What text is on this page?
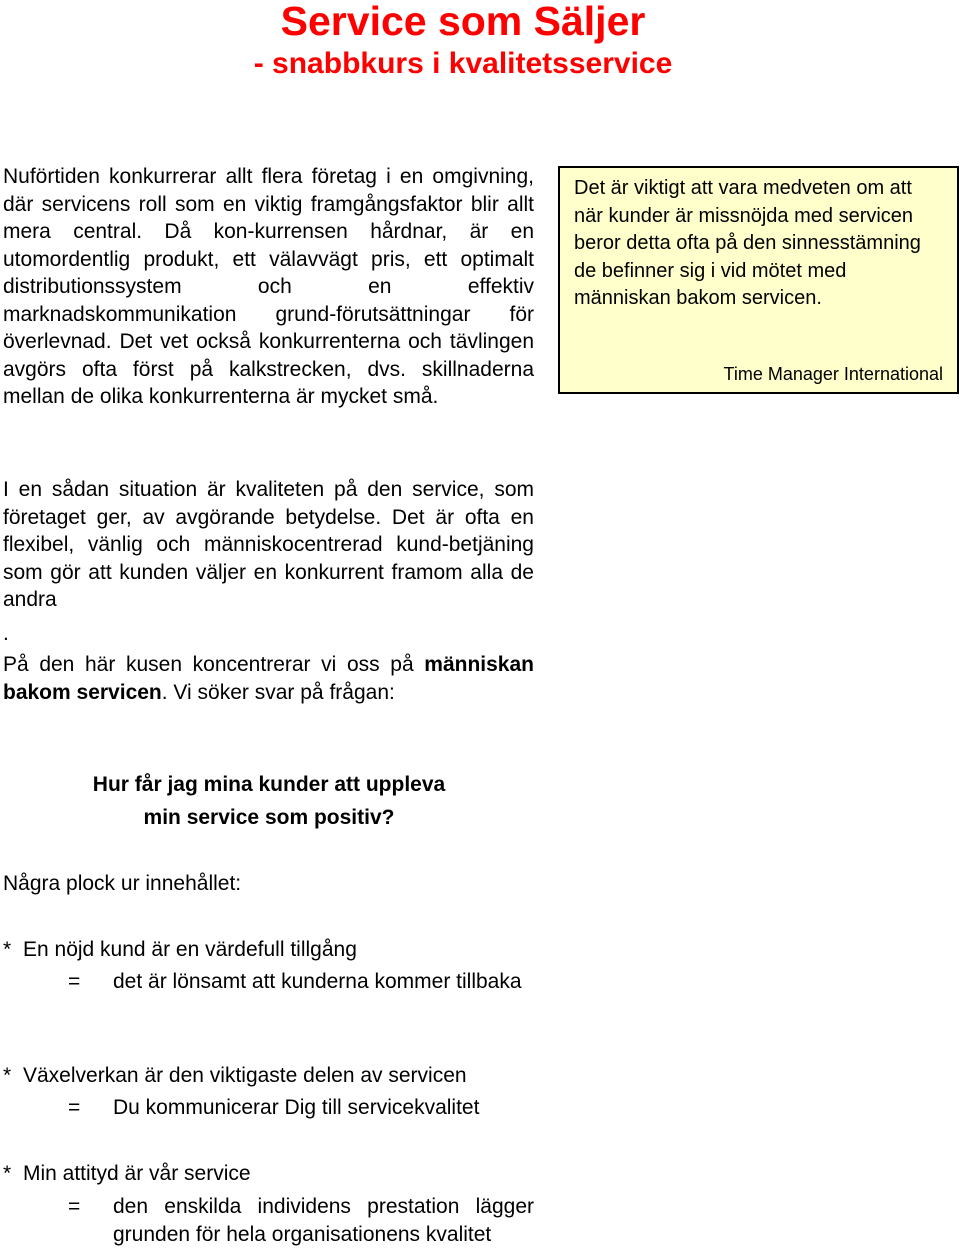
Service som Säljer
- snabbkurs i kvalitetsservice

Nuförtiden konkurrerar allt flera företag i en omgivning, där servicens roll som en viktig framgångsfaktor blir allt mera central. Då kon-kurrensen hårdnar, är en utomordentlig produkt, ett välavvägt pris, ett optimalt distributionssystem och en effektiv marknadskommunikation grund-förutsättningar för överlevnad. Det vet också konkurrenterna och tävlingen avgörs ofta först på kalkstrecken, dvs. skillnaderna mellan de olika konkurrenterna är mycket små.

Det är viktigt att vara medveten om att när kunder är missnöjda med servicen beror detta ofta på den sinnesstämning de befinner sig i vid mötet med människan bakom servicen.

Time Manager International

I en sådan situation är kvaliteten på den service, som företaget ger, av avgörande betydelse. Det är ofta en flexibel, vänlig och människocentrerad kund-betjäning som gör att kunden väljer en konkurrent framom alla de andra

.

På den här kusen koncentrerar vi oss på människan bakom servicen. Vi söker svar på frågan:

Hur får jag mina kunder att uppleva

min service som positiv?

Några plock ur innehållet:

* En nöjd kund är en värdefull tillgång

= det är lönsamt att kunderna kommer tillbaka

* Växelverkan är den viktigaste delen av servicen

= Du kommunicerar Dig till servicekvalitet

* Min attityd är vår service

= den enskilda individens prestation lägger grunden för hela organisationens kvalitet
